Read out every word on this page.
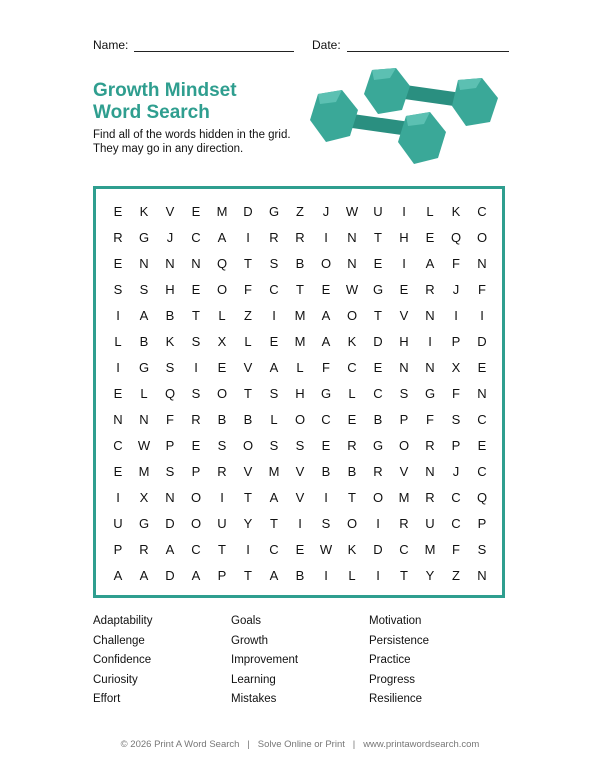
Name:	Date:
Growth Mindset
Word Search
Find all of the words hidden in the grid.
They may go in any direction.
E	K	V	E	M	D	G	Z	J	W	U	I	L	K	C
R	G	J	C	A	I	R	R	I	N	T	H	E	Q	O
E	N	N	N	Q	T	S	B	O	N	E	I	A	F	N
S	S	H	E	O	F	C	T	E	W	G	E	R	J	F
I	A	B	T	L	Z	I	M	A	O	T	V	N	I	I
L	B	K	S	X	L	E	M	A	K	D	H	I	P	D
I	G	S	I	E	V	A	L	F	C	E	N	N	X	E
E	L	Q	S	O	T	S	H	G	L	C	S	G	F	N
N	N	F	R	B	B	L	O	C	E	B	P	F	S	C
C	W	P	E	S	O	S	S	E	R	G	O	R	P	E
E	M	S	P	R	V	M	V	B	B	R	V	N	J	C
I	X	N	O	I	T	A	V	I	T	O	M	R	C	Q
U	G	D	O	U	Y	T	I	S	O	I	R	U	C	P
P	R	A	C	T	I	C	E	W	K	D	C	M	F	S
A	A	D	A	P	T	A	B	I	L	I	T	Y	Z	N
Adaptability	Goals	Motivation
Challenge	Growth	Persistence
Confidence	Improvement	Practice
Curiosity	Learning	Progress
Effort	Mistakes	Resilience
© 2026 Print A Word Search | Solve Online or Print | www.printawordsearch.com
